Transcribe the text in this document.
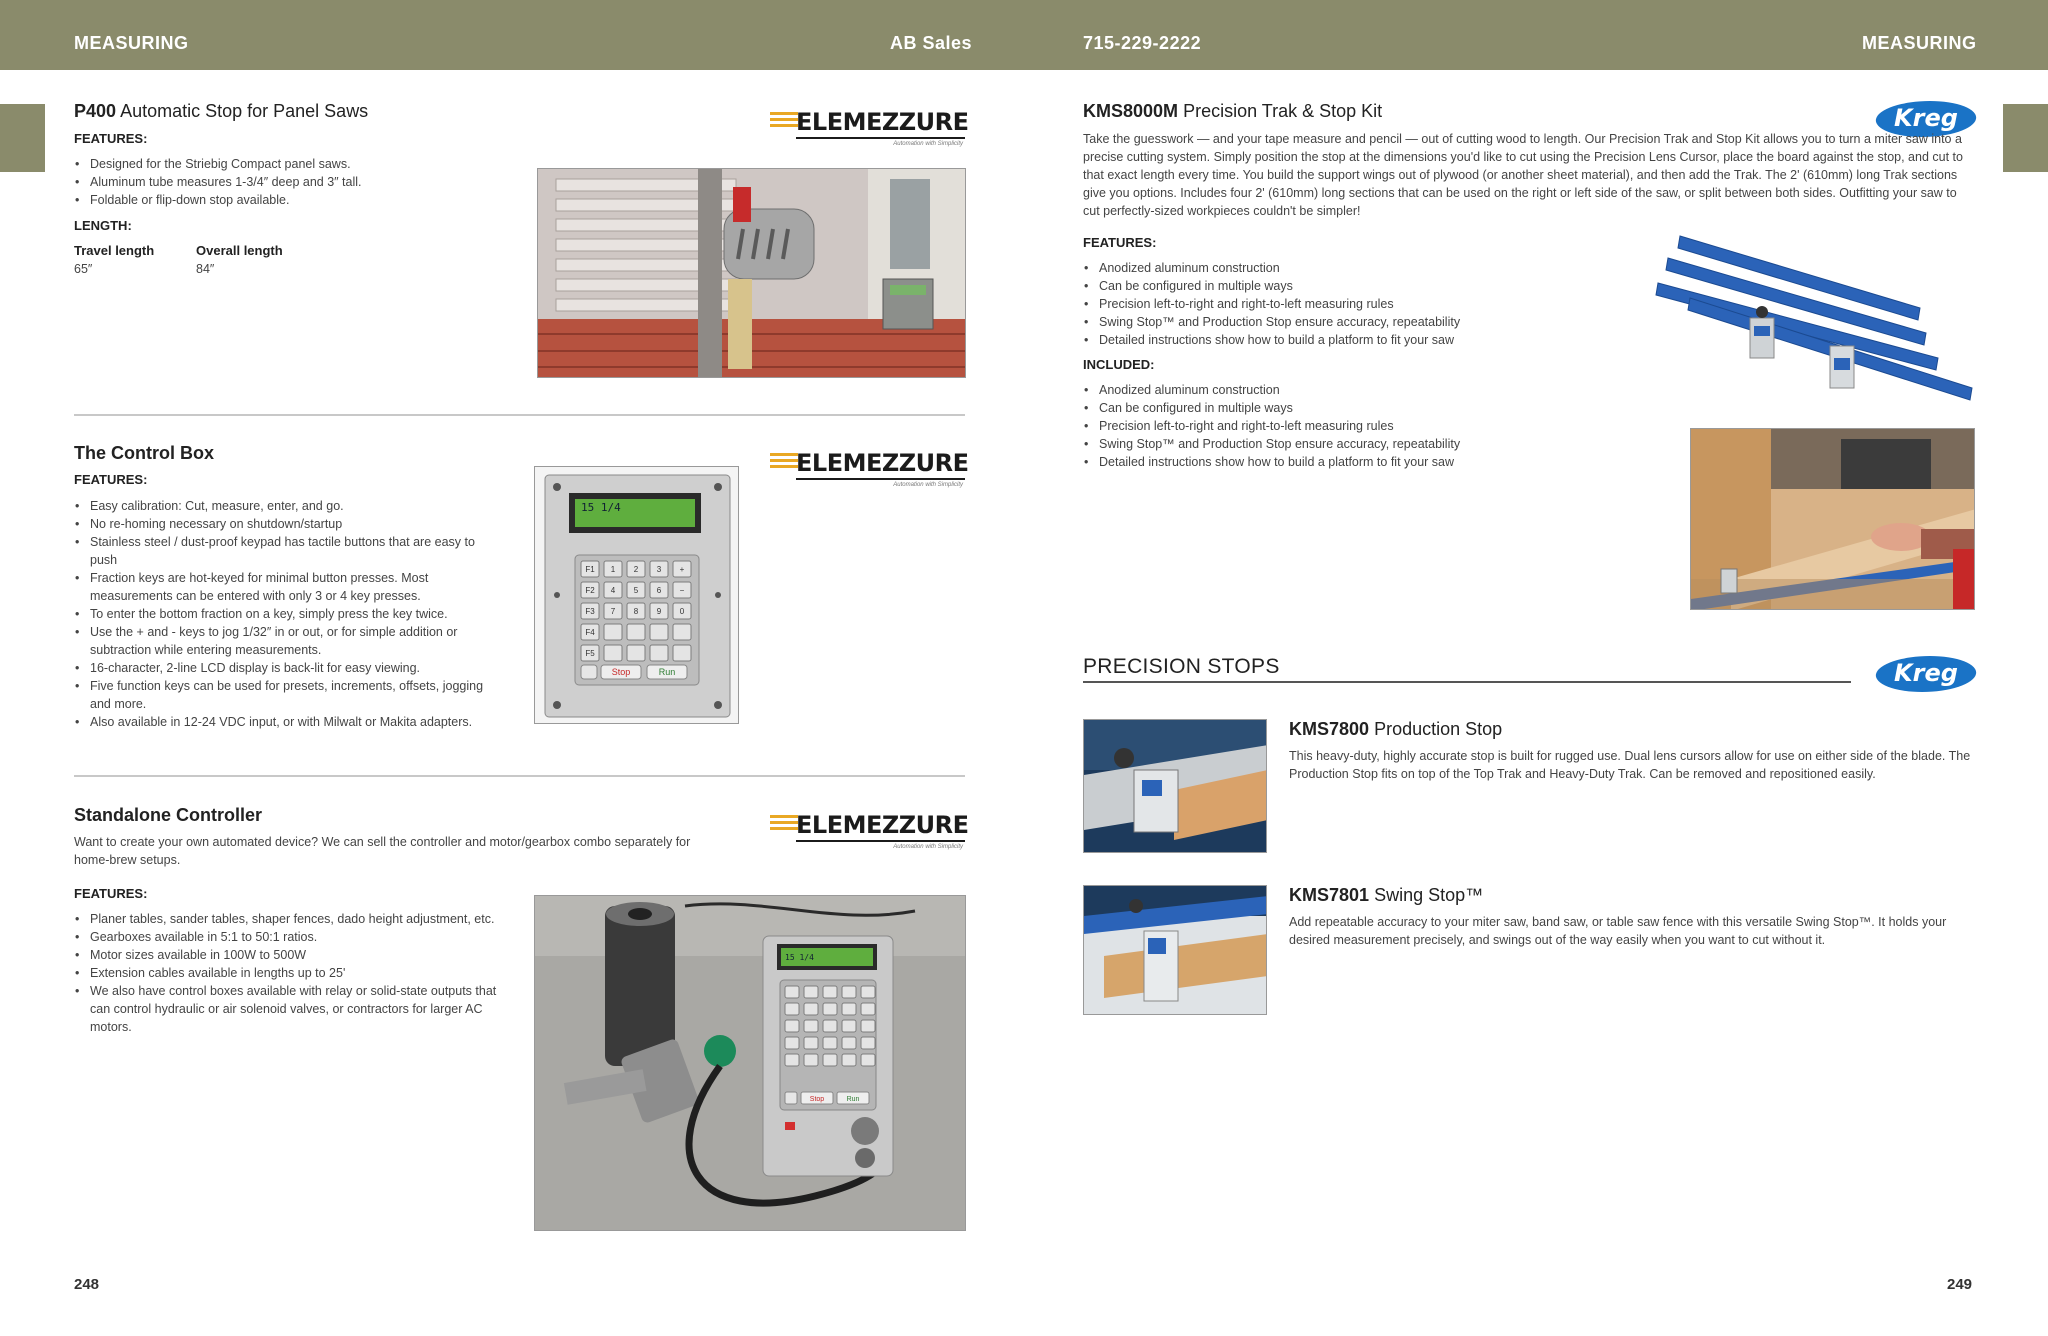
MEASURING	AB Sales	715-229-2222	MEASURING
P400 Automatic Stop for Panel Saws
FEATURES:
• Designed for the Striebig Compact panel saws.
• Aluminum tube measures 1-3/4″ deep and 3″ tall.
• Foldable or flip-down stop available.
LENGTH:
Travel length
65″
Overall length
84″
ELEMEZZURE
Automation with Simplicity
The Control Box
FEATURES:
• Easy calibration: Cut, measure, enter, and go.
• No re-homing necessary on shutdown/startup
• Stainless steel / dust-proof keypad has tactile buttons that are easy to push
• Fraction keys are hot-keyed for minimal button presses. Most measurements can be entered with only 3 or 4 key presses.
• To enter the bottom fraction on a key, simply press the key twice.
• Use the + and - keys to jog 1/32″ in or out, or for simple addition or subtraction while entering measurements.
• 16-character, 2-line LCD display is back-lit for easy viewing.
• Five function keys can be used for presets, increments, offsets, jogging and more.
• Also available in 12-24 VDC input, or with Milwalt or Makita adapters.
15 1/4
F1 1 2 3 +
F2 4 5 6 −
F3 7 8 9 0
F4
F5
Stop	Run
ELEMEZZURE
Automation with Simplicity
Standalone Controller
Want to create your own automated device? We can sell the controller and motor/gearbox combo separately for home-brew setups.
FEATURES:
• Planer tables, sander tables, shaper fences, dado height adjustment, etc.
• Gearboxes available in 5:1 to 50:1 ratios.
• Motor sizes available in 100W to 500W
• Extension cables available in lengths up to 25'
• We also have control boxes available with relay or solid-state outputs that can control hydraulic or air solenoid valves, or contractors for larger AC motors.
ELEMEZZURE
Automation with Simplicity
15 1/4
Stop	Run
248
KMS8000M Precision Trak & Stop Kit	Kreg
Take the guesswork — and your tape measure and pencil — out of cutting wood to length. Our Precision Trak and Stop Kit allows you to turn a miter saw into a precise cutting system. Simply position the stop at the dimensions you'd like to cut using the Precision Lens Cursor, place the board against the stop, and cut to that exact length every time. You build the support wings out of plywood (or another sheet material), and then add the Trak. The 2' (610mm) long Trak sections give you options. Includes four 2' (610mm) long sections that can be used on the right or left side of the saw, or split between both sides. Outfitting your saw to cut perfectly-sized workpieces couldn't be simpler!
FEATURES:
• Anodized aluminum construction
• Can be configured in multiple ways
• Precision left-to-right and right-to-left measuring rules
• Swing Stop™ and Production Stop ensure accuracy, repeatability
• Detailed instructions show how to build a platform to fit your saw
INCLUDED:
• Anodized aluminum construction
• Can be configured in multiple ways
• Precision left-to-right and right-to-left measuring rules
• Swing Stop™ and Production Stop ensure accuracy, repeatability
• Detailed instructions show how to build a platform to fit your saw
PRECISION STOPS	Kreg
KMS7800 Production Stop
This heavy-duty, highly accurate stop is built for rugged use. Dual lens cursors allow for use on either side of the blade. The Production Stop fits on top of the Top Trak and Heavy-Duty Trak. Can be removed and repositioned easily.
KMS7801 Swing Stop™
Add repeatable accuracy to your miter saw, band saw, or table saw fence with this versatile Swing Stop™. It holds your desired measurement precisely, and swings out of the way easily when you want to cut without it.
249
